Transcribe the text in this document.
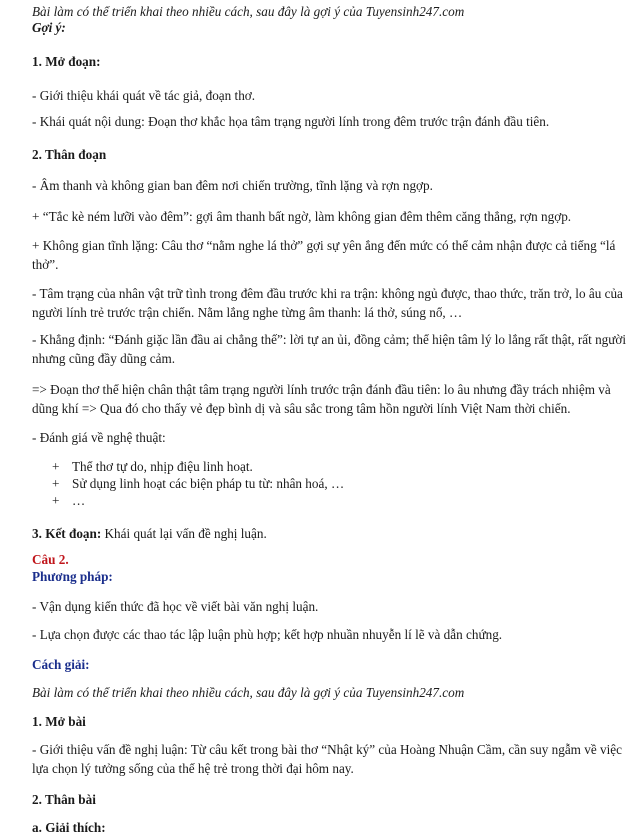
Bài làm có thể triển khai theo nhiều cách, sau đây là gợi ý của Tuyensinh247.com

Gợi ý:

1. Mở đoạn:

- Giới thiệu khái quát về tác giả, đoạn thơ.

- Khái quát nội dung: Đoạn thơ khắc họa tâm trạng người lính trong đêm trước trận đánh đầu tiên.

2. Thân đoạn

- Âm thanh và không gian ban đêm nơi chiến trường, tĩnh lặng và rợn ngợp.

+ “Tắc kè ném lưỡi vào đêm”: gợi âm thanh bất ngờ, làm không gian đêm thêm căng thẳng, rợn ngợp.

+ Không gian tĩnh lặng: Câu thơ “nằm nghe lá thở” gợi sự yên ắng đến mức có thể cảm nhận được cả tiếng “lá thở”.

- Tâm trạng của nhân vật trữ tình trong đêm đầu trước khi ra trận: không ngủ được, thao thức, trăn trở, lo âu của người lính trẻ trước trận chiến. Nằm lắng nghe từng âm thanh: lá thở, súng nổ, …

- Khẳng định: “Đánh giặc lần đầu ai chẳng thế”: lời tự an ủi, đồng cảm; thể hiện tâm lý lo lắng rất thật, rất người nhưng cũng đầy dũng cảm.

=> Đoạn thơ thể hiện chân thật tâm trạng người lính trước trận đánh đầu tiên: lo âu nhưng đầy trách nhiệm và dũng khí => Qua đó cho thấy vẻ đẹp bình dị và sâu sắc trong tâm hồn người lính Việt Nam thời chiến.

- Đánh giá về nghệ thuật:

+ Thể thơ tự do, nhịp điệu linh hoạt.
+ Sử dụng linh hoạt các biện pháp tu từ: nhân hoá, …
+ …

3. Kết đoạn: Khái quát lại vấn đề nghị luận.

Câu 2.

Phương pháp:

- Vận dụng kiến thức đã học về viết bài văn nghị luận.

- Lựa chọn được các thao tác lập luận phù hợp; kết hợp nhuần nhuyễn lí lẽ và dẫn chứng.

Cách giải:

Bài làm có thể triển khai theo nhiều cách, sau đây là gợi ý của Tuyensinh247.com

1. Mở bài

- Giới thiệu vấn đề nghị luận: Từ câu kết trong bài thơ “Nhật ký” của Hoàng Nhuận Cầm, cần suy ngẫm về việc lựa chọn lý tưởng sống của thế hệ trẻ trong thời đại hôm nay.

2. Thân bài

a. Giải thích:
